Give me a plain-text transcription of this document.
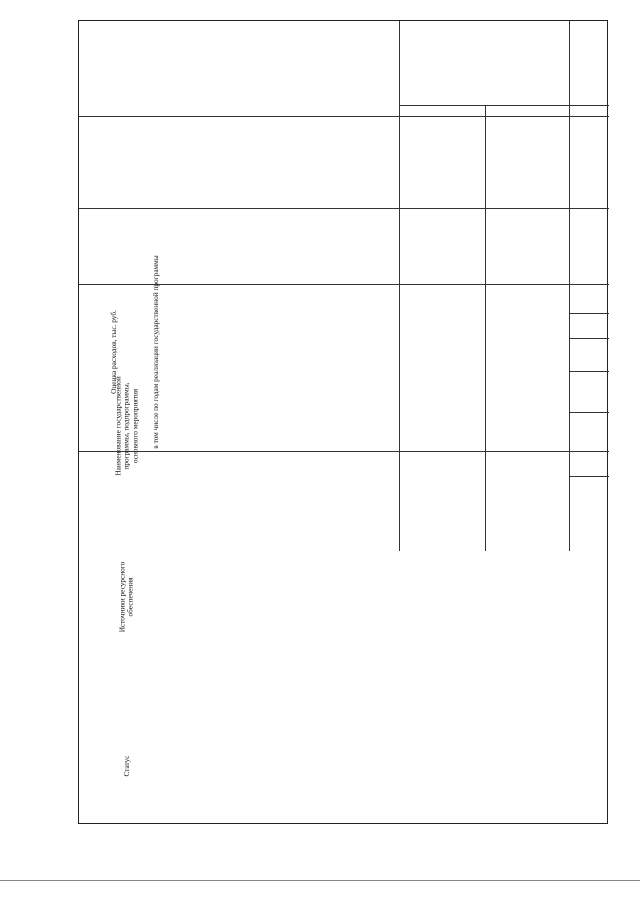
Статус
Наименование государственной программы, подпрограммы, основного мероприятия
Источники ресурсного обеспечения
Оценка расходов, тыс. руб.	в том числе по годам реализации государственной программы
